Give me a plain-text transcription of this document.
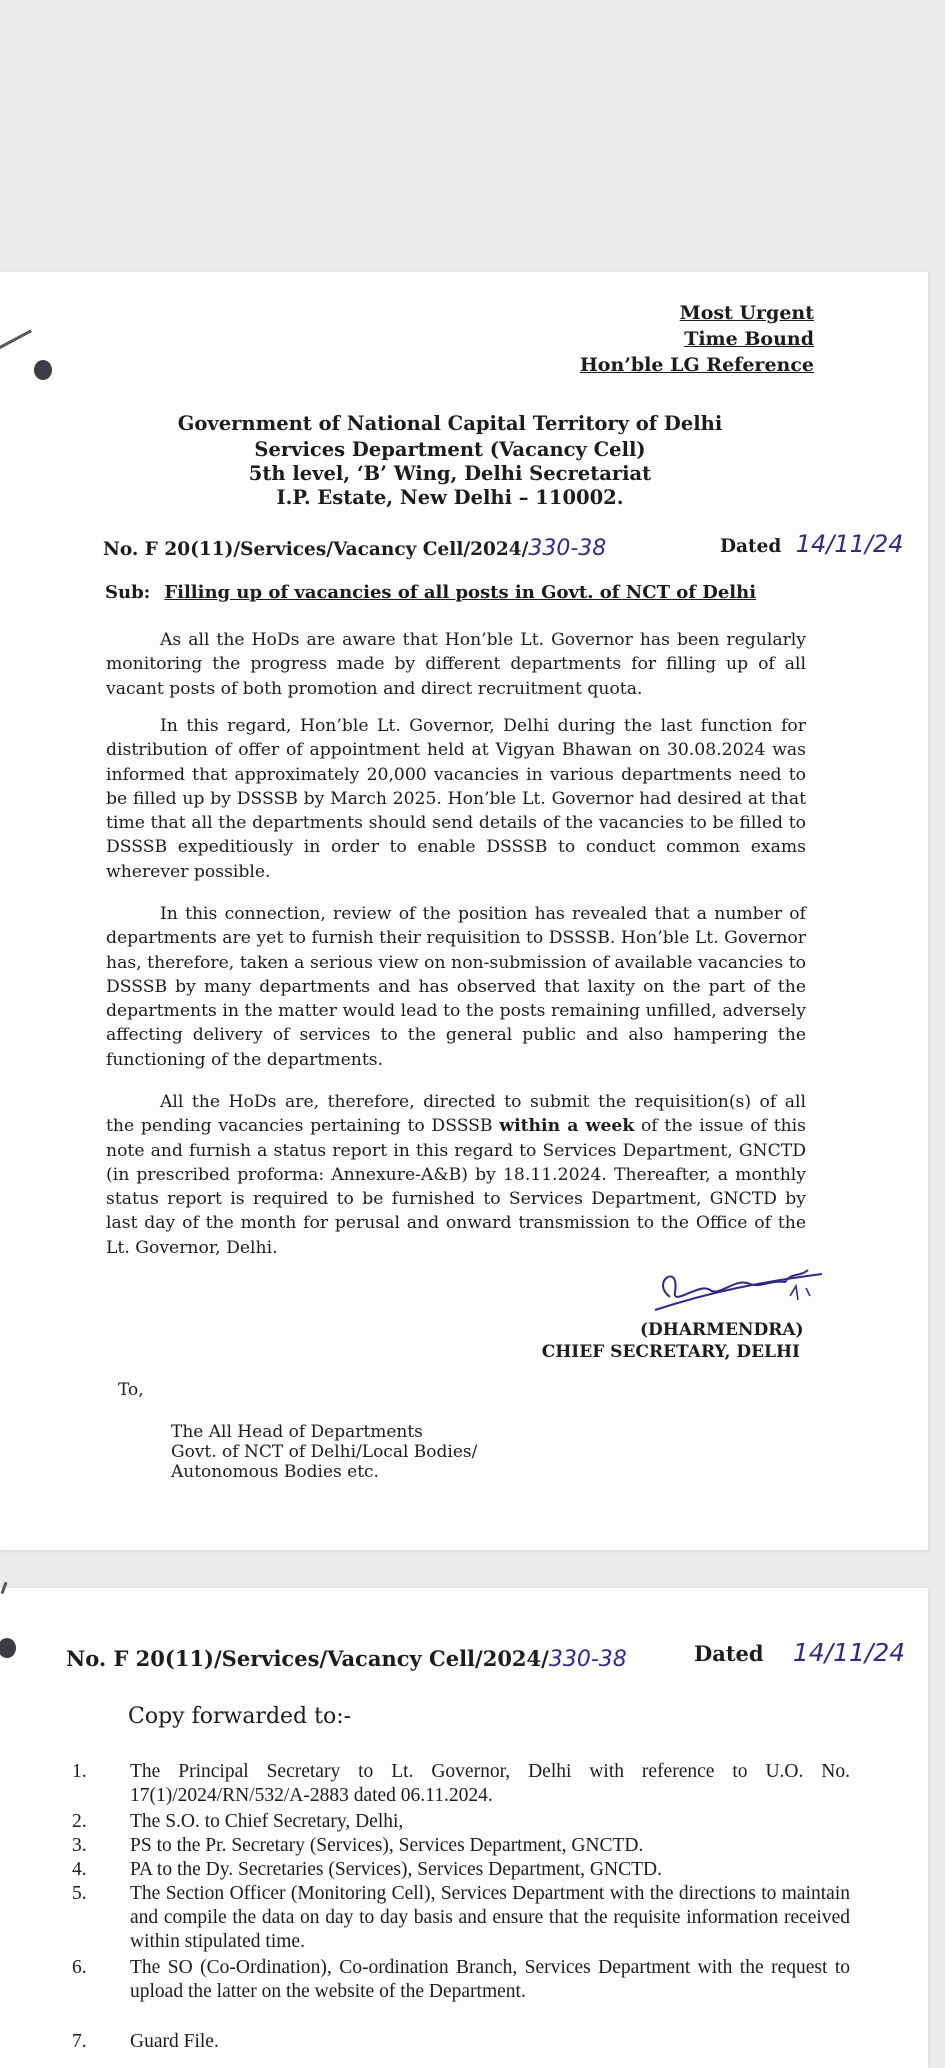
Most Urgent
Time Bound
Hon’ble LG Reference
Government of National Capital Territory of Delhi
Services Department (Vacancy Cell)
5th level, ‘B’ Wing, Delhi Secretariat
I.P. Estate, New Delhi – 110002.
No. F 20(11)/Services/Vacancy Cell/2024/330-38	Dated 14/11/24
Sub: Filling up of vacancies of all posts in Govt. of NCT of Delhi

As all the HoDs are aware that Hon’ble Lt. Governor has been regularly monitoring the progress made by different departments for filling up of all vacant posts of both promotion and direct recruitment quota.

In this regard, Hon’ble Lt. Governor, Delhi during the last function for distribution of offer of appointment held at Vigyan Bhawan on 30.08.2024 was informed that approximately 20,000 vacancies in various departments need to be filled up by DSSSB by March 2025. Hon’ble Lt. Governor had desired at that time that all the departments should send details of the vacancies to be filled to DSSSB expeditiously in order to enable DSSSB to conduct common exams wherever possible.

In this connection, review of the position has revealed that a number of departments are yet to furnish their requisition to DSSSB. Hon’ble Lt. Governor has, therefore, taken a serious view on non-submission of available vacancies to DSSSB by many departments and has observed that laxity on the part of the departments in the matter would lead to the posts remaining unfilled, adversely affecting delivery of services to the general public and also hampering the functioning of the departments.

All the HoDs are, therefore, directed to submit the requisition(s) of all the pending vacancies pertaining to DSSSB within a week of the issue of this note and furnish a status report in this regard to Services Department, GNCTD (in prescribed proforma: Annexure-A&B) by 18.11.2024. Thereafter, a monthly status report is required to be furnished to Services Department, GNCTD by last day of the month for perusal and onward transmission to the Office of the Lt. Governor, Delhi.

(DHARMENDRA)
CHIEF SECRETARY, DELHI
To,
The All Head of Departments
Govt. of NCT of Delhi/Local Bodies/
Autonomous Bodies etc.
No. F 20(11)/Services/Vacancy Cell/2024/330-38	Dated 14/11/24
Copy forwarded to:-
1.	The Principal Secretary to Lt. Governor, Delhi with reference to U.O. No. 17(1)/2024/RN/532/A-2883 dated 06.11.2024.
2.	The S.O. to Chief Secretary, Delhi,
3.	PS to the Pr. Secretary (Services), Services Department, GNCTD.
4.	PA to the Dy. Secretaries (Services), Services Department, GNCTD.
5.	The Section Officer (Monitoring Cell), Services Department with the directions to maintain and compile the data on day to day basis and ensure that the requisite information received within stipulated time.
6.	The SO (Co-Ordination), Co-ordination Branch, Services Department with the request to upload the latter on the website of the Department.
7.	Guard File.
